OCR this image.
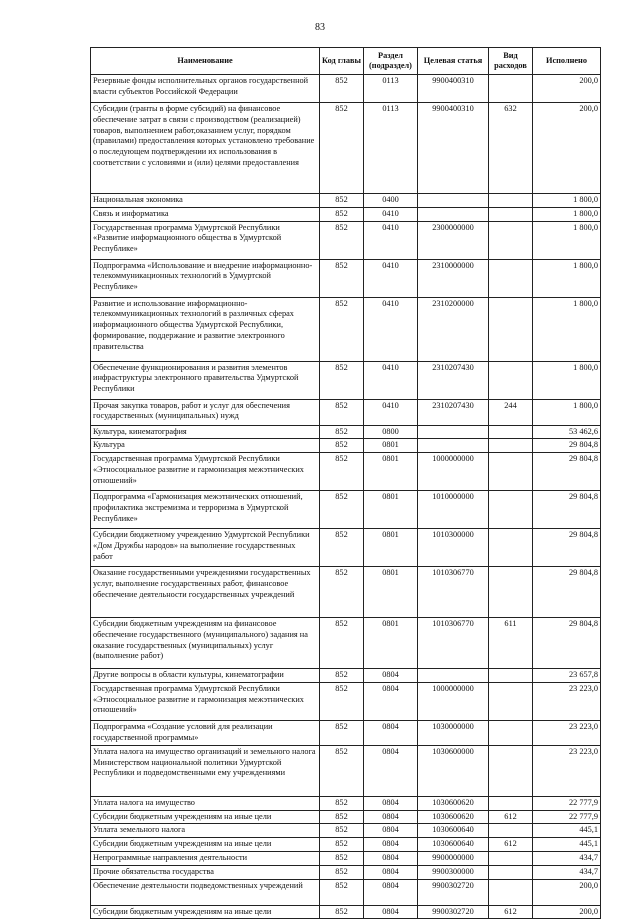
83
Наименование	Код главы	Раздел (подраздел)	Целевая статья	Вид расходов	Исполнено
Резервные фонды исполнительных органов государственной власти субъектов Российской Федерации	852	0113	9900400310		200,0
Субсидии (гранты в форме субсидий) на финансовое обеспечение затрат в связи с производством (реализацией) товаров, выполнением работ,оказанием услуг, порядком (правилами) предоставления которых установлено требование о последующем подтверждении их использования в соответствии с условиями и (или) целями предоставления	852	0113	9900400310	632	200,0
Национальная экономика	852	0400			1 800,0
Связь и информатика	852	0410			1 800,0
Государственная программа Удмуртской Республики «Развитие информационного общества в Удмуртской Республике»	852	0410	2300000000		1 800,0
Подпрограмма «Использование и внедрение информационно-телекоммуникационных технологий в Удмуртской Республике»	852	0410	2310000000		1 800,0
Развитие и использование информационно-телекоммуникационных технологий в различных сферах информационного общества Удмуртской Республики, формирование, поддержание и развитие электронного правительства	852	0410	2310200000		1 800,0
Обеспечение функционирования и развития элементов инфраструктуры электронного правительства Удмуртской Республики	852	0410	2310207430		1 800,0
Прочая закупка товаров, работ и услуг для обеспечения государственных (муниципальных) нужд	852	0410	2310207430	244	1 800,0
Культура, кинематография	852	0800			53 462,6
Культура	852	0801			29 804,8
Государственная программа Удмуртской Республики «Этносоциальное развитие и гармонизация межэтнических отношений»	852	0801	1000000000		29 804,8
Подпрограмма «Гармонизация межэтнических отношений, профилактика экстремизма и терроризма в Удмуртской Республике»	852	0801	1010000000		29 804,8
Субсидии бюджетному учреждению Удмуртской Республики «Дом Дружбы народов» на выполнение государственных работ	852	0801	1010300000		29 804,8
Оказание государственными учреждениями государственных услуг, выполнение государственных работ, финансовое обеспечение деятельности государственных учреждений	852	0801	1010306770		29 804,8
Субсидии бюджетным учреждениям на финансовое обеспечение государственного (муниципального) задания на оказание государственных (муниципальных) услуг (выполнение работ)	852	0801	1010306770	611	29 804,8
Другие вопросы в области культуры, кинематографии	852	0804			23 657,8
Государственная программа Удмуртской Республики «Этносоциальное развитие и гармонизация межэтнических отношений»	852	0804	1000000000		23 223,0
Подпрограмма «Создание условий для реализации государственной программы»	852	0804	1030000000		23 223,0
Уплата налога на имущество организаций и земельного налога Министерством национальной политики Удмуртской Республики и подведомственными ему учреждениями	852	0804	1030600000		23 223,0
Уплата налога на имущество	852	0804	1030600620		22 777,9
Субсидии бюджетным учреждениям на иные цели	852	0804	1030600620	612	22 777,9
Уплата земельного налога	852	0804	1030600640		445,1
Субсидии бюджетным учреждениям на иные цели	852	0804	1030600640	612	445,1
Непрограммные направления деятельности	852	0804	9900000000		434,7
Прочие обязательства государства	852	0804	9900300000		434,7
Обеспечение деятельности подведомственных учреждений	852	0804	9900302720		200,0
Субсидии бюджетным учреждениям на иные цели	852	0804	9900302720	612	200,0
